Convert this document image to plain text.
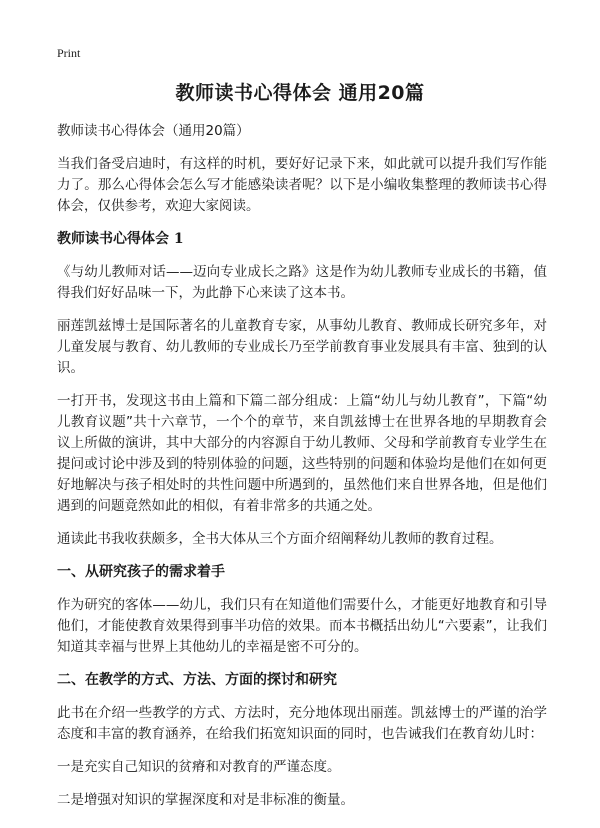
Print
教师读书心得体会 通用20篇

教师读书心得体会（通用20篇）

当我们备受启迪时，有这样的时机，要好好记录下来，如此就可以提升我们写作能力了。那么心得体会怎么写才能感染读者呢？以下是小编收集整理的教师读书心得体会，仅供参考，欢迎大家阅读。

教师读书心得体会 1

《与幼儿教师对话——迈向专业成长之路》这是作为幼儿教师专业成长的书籍，值得我们好好品味一下，为此静下心来读了这本书。

丽莲凯兹博士是国际著名的儿童教育专家，从事幼儿教育、教师成长研究多年，对儿童发展与教育、幼儿教师的专业成长乃至学前教育事业发展具有丰富、独到的认识。

一打开书，发现这书由上篇和下篇二部分组成：上篇“幼儿与幼儿教育”，下篇“幼儿教育议题”共十六章节，一个个的章节，来自凯兹博士在世界各地的早期教育会议上所做的演讲，其中大部分的内容源自于幼儿教师、父母和学前教育专业学生在提问或讨论中涉及到的特别体验的问题，这些特别的问题和体验均是他们在如何更好地解决与孩子相处时的共性问题中所遇到的，虽然他们来自世界各地，但是他们遇到的问题竟然如此的相似，有着非常多的共通之处。

通读此书我收获颇多，全书大体从三个方面介绍阐释幼儿教师的教育过程。

一、从研究孩子的需求着手

作为研究的客体——幼儿，我们只有在知道他们需要什么，才能更好地教育和引导他们，才能使教育效果得到事半功倍的效果。而本书概括出幼儿“六要素”，让我们知道其幸福与世界上其他幼儿的幸福是密不可分的。

二、在教学的方式、方法、方面的探讨和研究

此书在介绍一些教学的方式、方法时，充分地体现出丽莲。凯兹博士的严谨的治学态度和丰富的教育涵养，在给我们拓宽知识面的同时，也告诫我们在教育幼儿时：

一是充实自己知识的贫瘠和对教育的严谨态度。

二是增强对知识的掌握深度和对是非标准的衡量。
